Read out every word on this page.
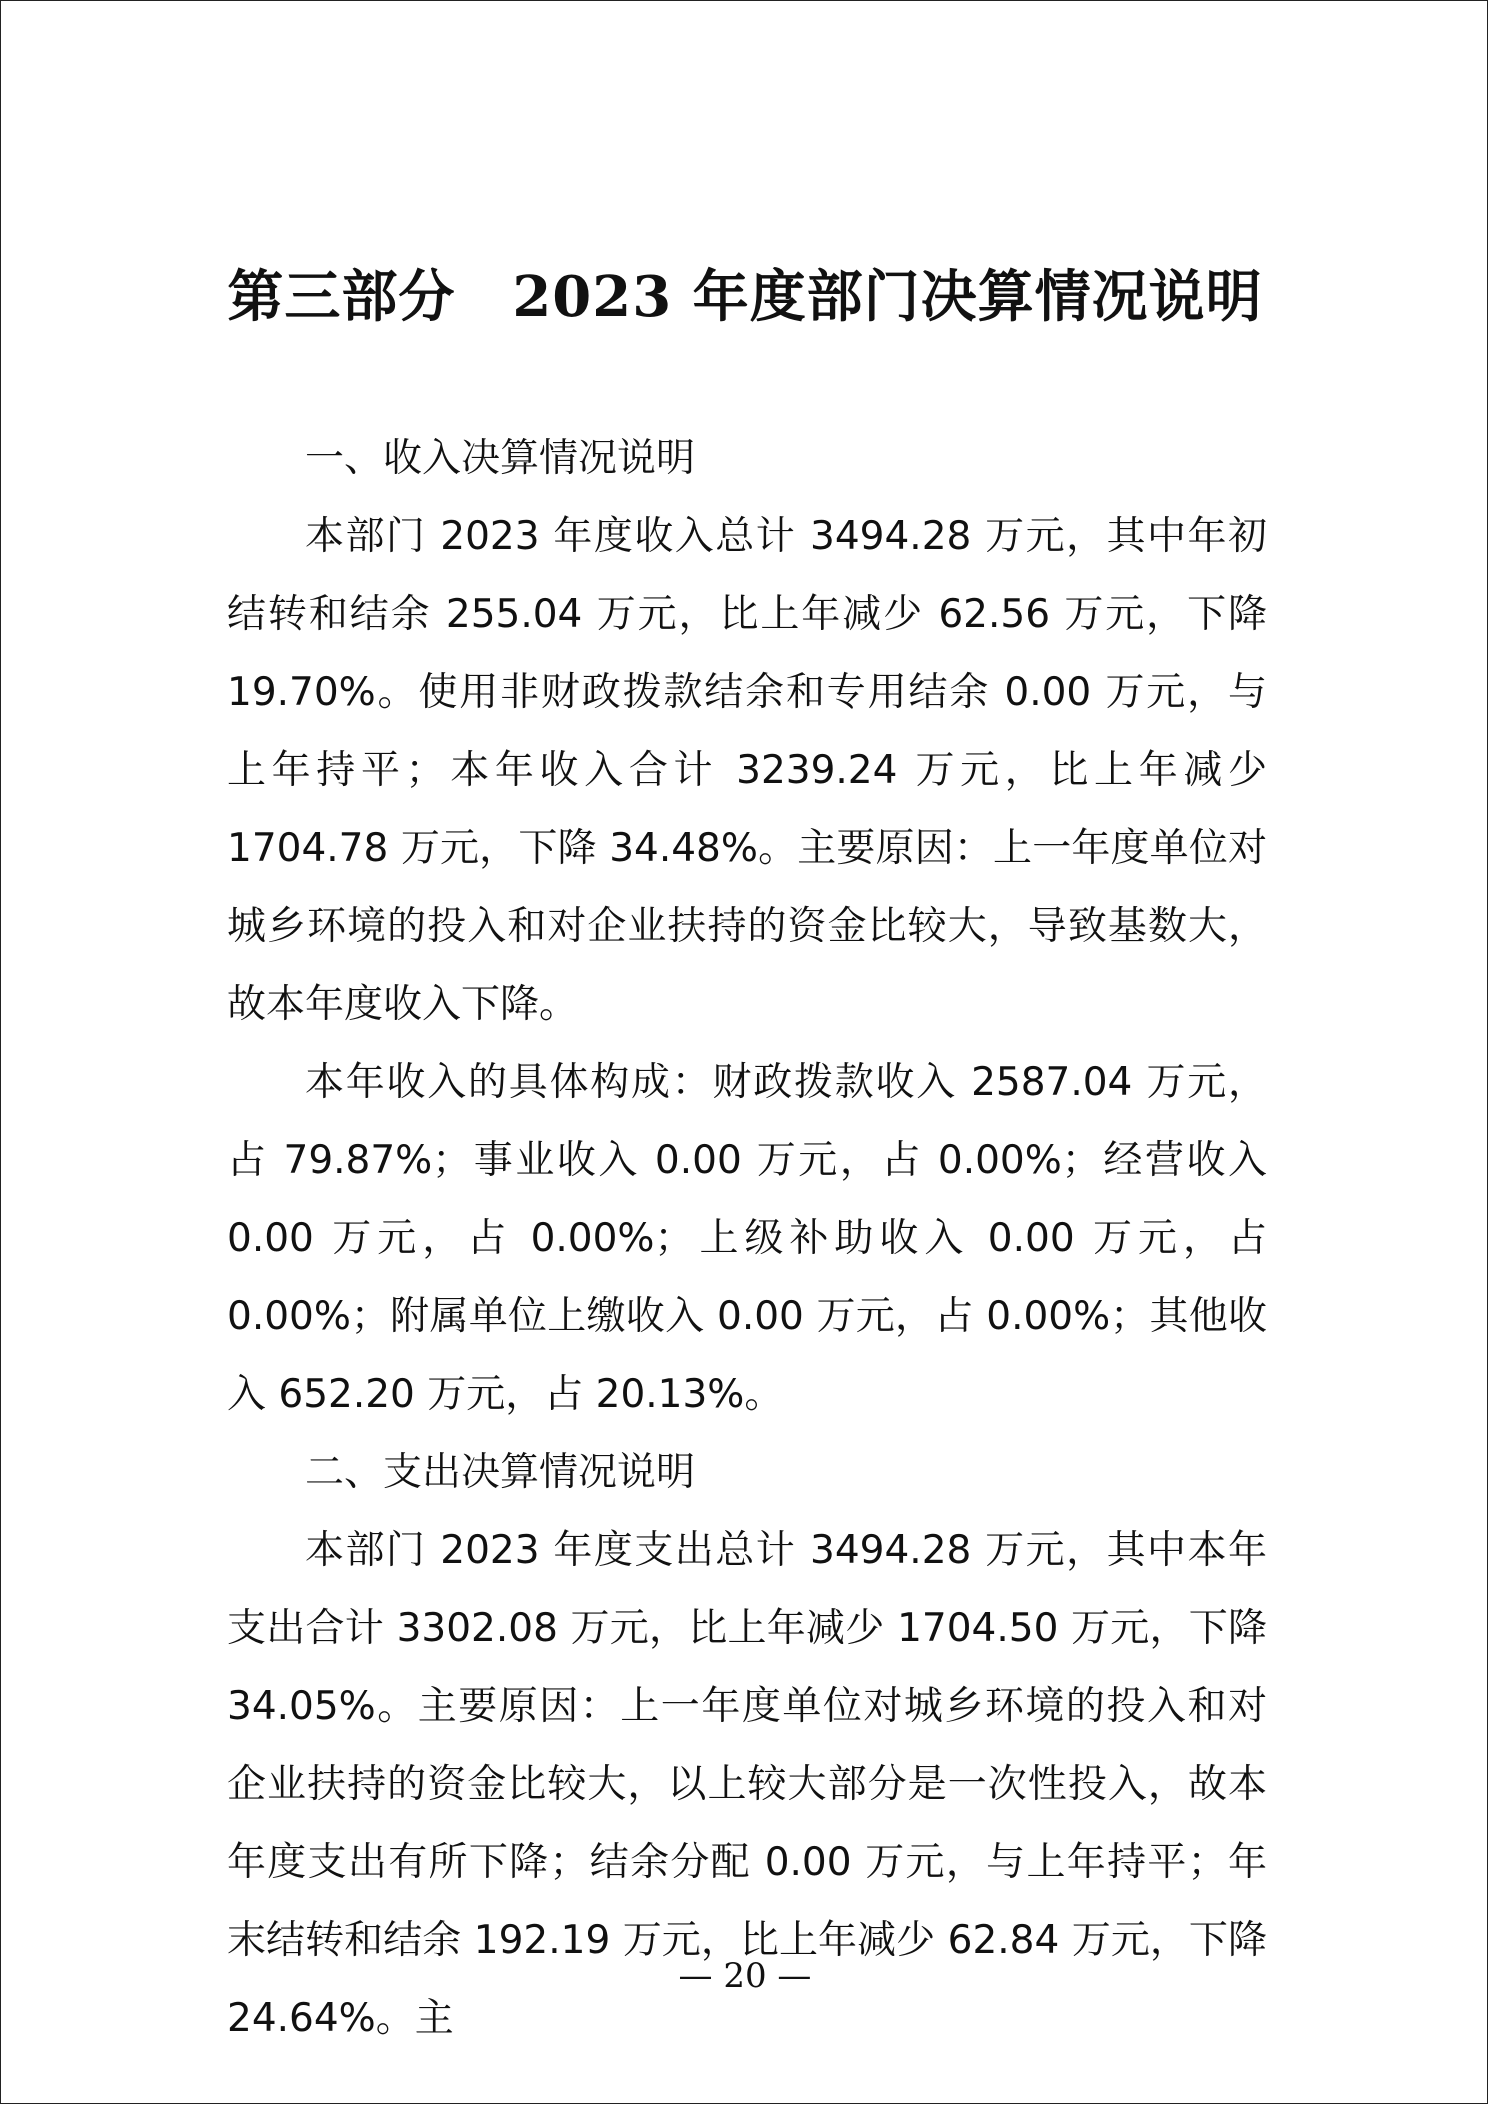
第三部分　2023 年度部门决算情况说明

一、收入决算情况说明

本部门 2023 年度收入总计 3494.28 万元，其中年初结转和结余 255.04 万元，比上年减少 62.56 万元，下降 19.70%。使用非财政拨款结余和专用结余 0.00 万元，与上年持平；本年收入合计 3239.24 万元，比上年减少 1704.78 万元，下降 34.48%。主要原因：上一年度单位对城乡环境的投入和对企业扶持的资金比较大，导致基数大，故本年度收入下降。

本年收入的具体构成：财政拨款收入 2587.04 万元，占 79.87%；事业收入 0.00 万元，占 0.00%；经营收入 0.00 万元，占 0.00%；上级补助收入 0.00 万元，占 0.00%；附属单位上缴收入 0.00 万元，占 0.00%；其他收入 652.20 万元，占 20.13%。

二、支出决算情况说明

本部门 2023 年度支出总计 3494.28 万元，其中本年支出合计 3302.08 万元，比上年减少 1704.50 万元，下降 34.05%。主要原因：上一年度单位对城乡环境的投入和对企业扶持的资金比较大，以上较大部分是一次性投入，故本年度支出有所下降；结余分配 0.00 万元，与上年持平；年末结转和结余 192.19 万元，比上年减少 62.84 万元，下降 24.64%。主

— 20 —
